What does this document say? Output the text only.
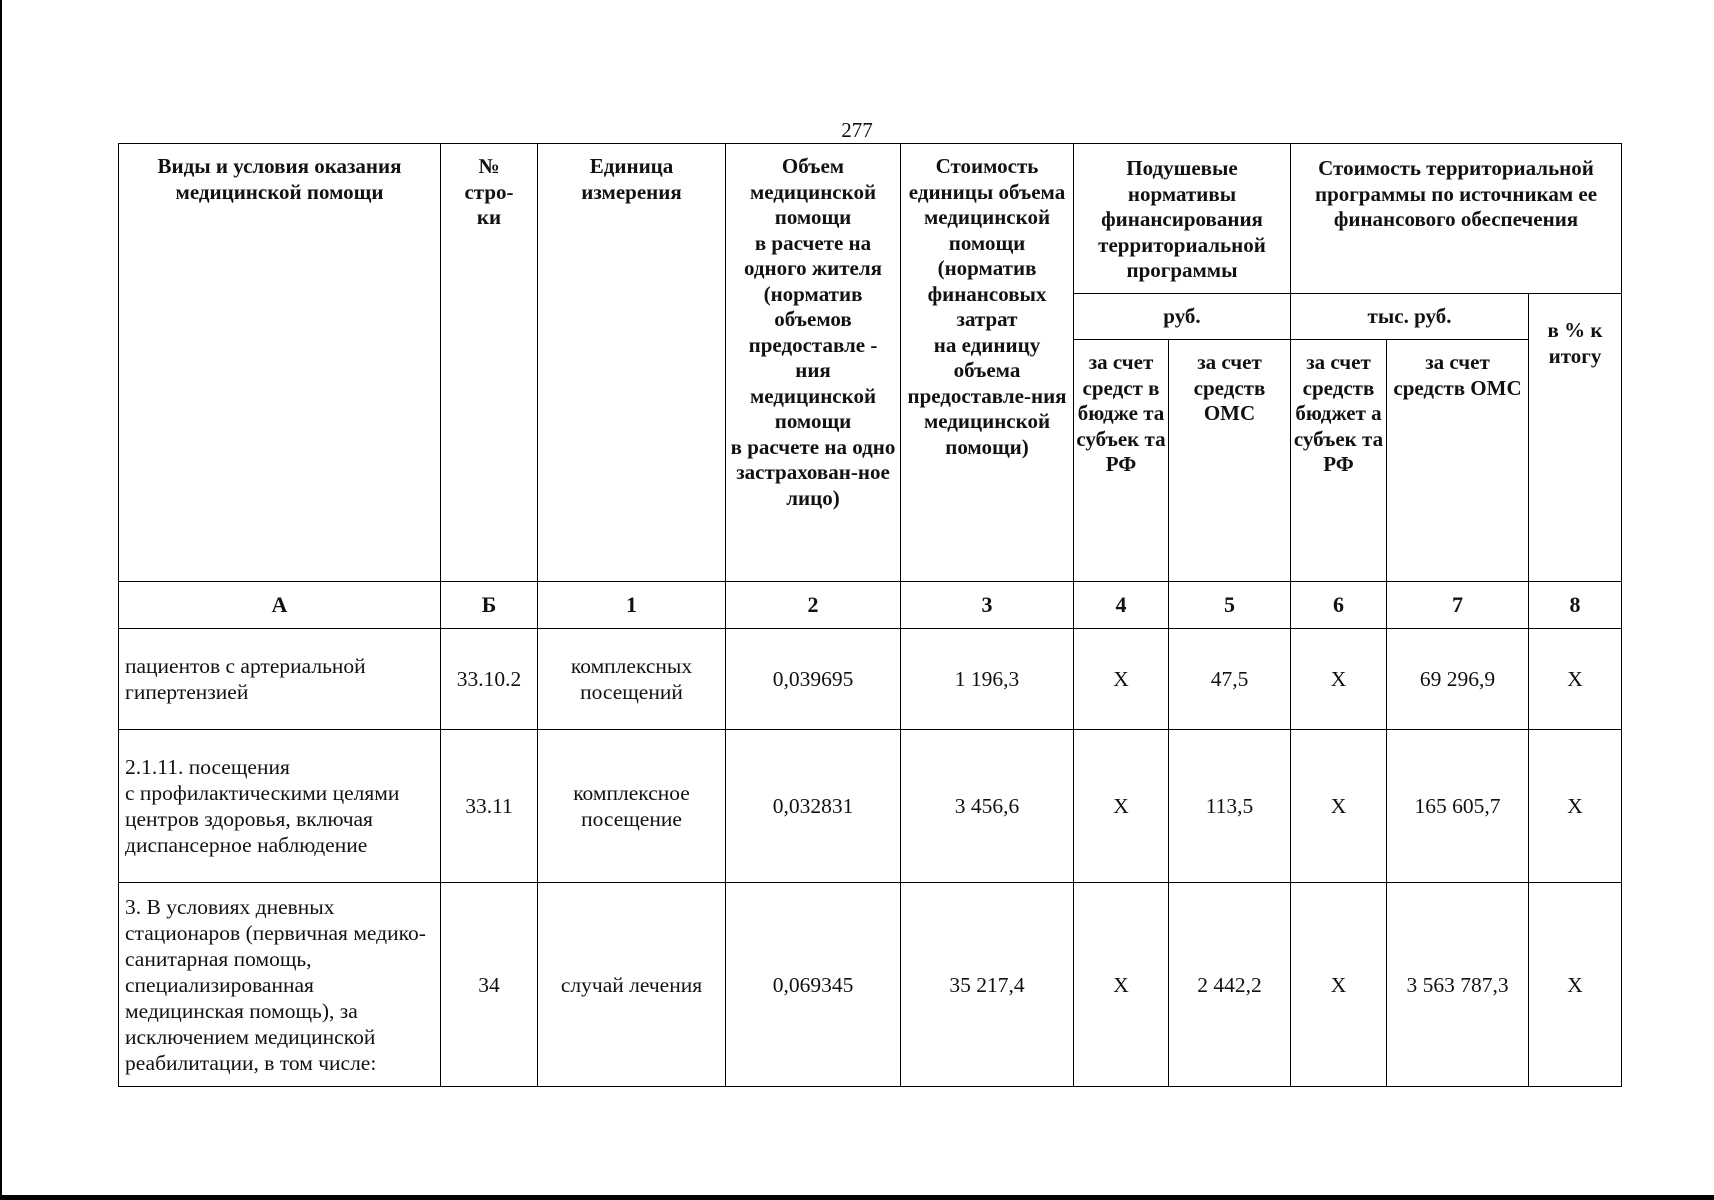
277
Виды и условия оказания медицинской помощи	№
стро-
ки	Единица измерения	Объем медицинской помощи
в расчете на одного жителя (норматив объемов предоставле - ния медицинской помощи
в расчете на одно застрахован-ное лицо)	Стоимость единицы объема медицинской помощи (норматив финансовых затрат
на единицу объема предоставле-ния медицинской помощи)	Подушевые нормативы финансирования территориальной программы		Стоимость территориальной программы по источникам ее финансового обеспечения		
					руб.		тыс. руб.		в % к итогу
					за счет средст в бюдже та субъек та РФ	за счет средств ОМС	за счет средств бюджет а субъек та РФ	за счет средств ОМС	
А	Б	1	2	3	4	5	6	7	8
пациентов с артериальной гипертензией	33.10.2	комплексных посещений	0,039695	1 196,3	Х	47,5	Х	69 296,9	Х
2.1.11. посещения
с профилактическими целями центров здоровья, включая диспансерное наблюдение	33.11	комплексное посещение	0,032831	3 456,6	Х	113,5	Х	165 605,7	Х
3. В условиях дневных стационаров (первичная медико-санитарная помощь, специализированная медицинская помощь), за исключением медицинской реабилитации, в том числе:	34	случай лечения	0,069345	35 217,4	Х	2 442,2	Х	3 563 787,3	Х
